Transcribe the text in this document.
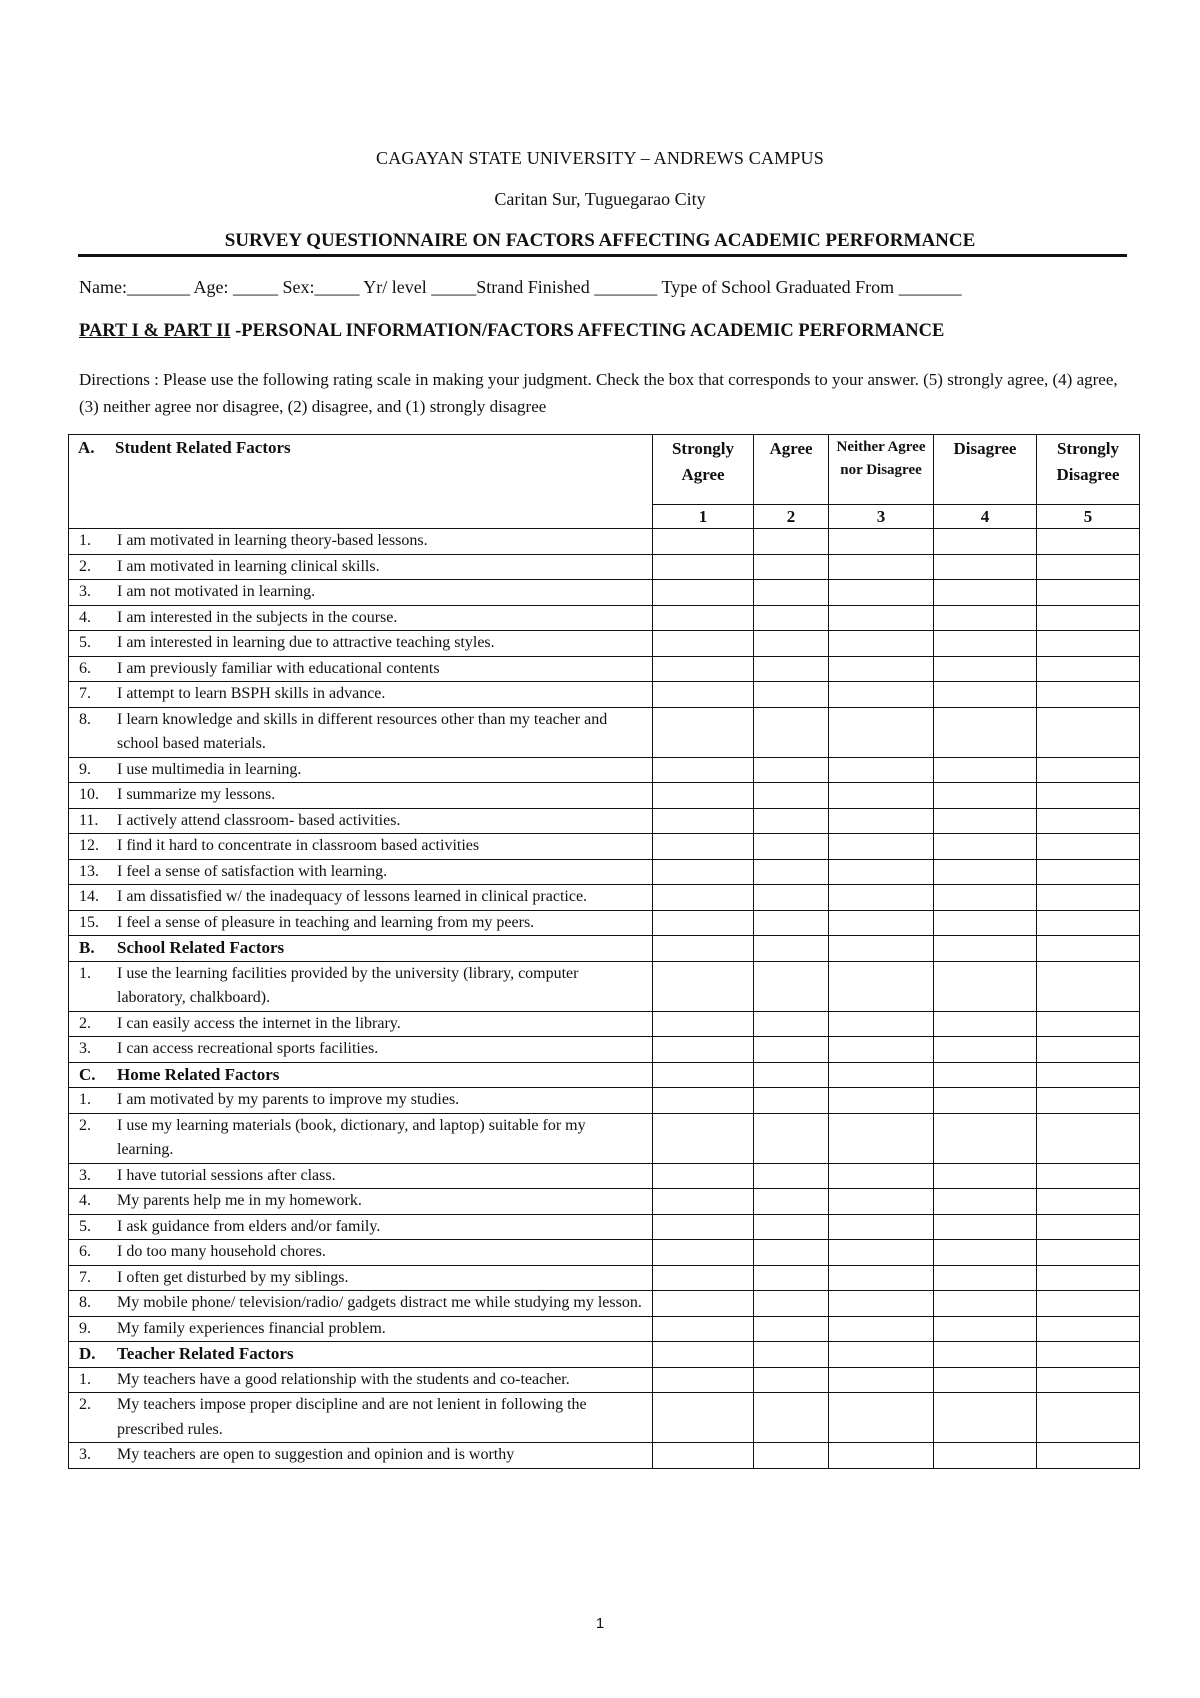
CAGAYAN STATE UNIVERSITY – ANDREWS CAMPUS
Caritan Sur, Tuguegarao City
SURVEY QUESTIONNAIRE ON FACTORS AFFECTING ACADEMIC PERFORMANCE
Name:_______ Age: _____ Sex:_____ Yr/ level _____Strand Finished _______ Type of School Graduated From _______
PART I & PART II -PERSONAL INFORMATION/FACTORS AFFECTING ACADEMIC PERFORMANCE
Directions : Please use the following rating scale in making your judgment. Check the box that corresponds to your answer. (5) strongly agree, (4) agree, (3) neither agree nor disagree, (2) disagree, and (1) strongly disagree
A. Student Related Factors	Strongly Agree	Agree	Neither Agree nor Disagree	Disagree	Strongly Disagree
	1	2	3	4	5

1. I am motivated in learning theory-based lessons.					

2. I am motivated in learning clinical skills.					

3. I am not motivated in learning.					

4. I am interested in the subjects in the course.					

5. I am interested in learning due to attractive teaching styles.					

6. I am previously familiar with educational contents					

7. I attempt to learn BSPH skills in advance.					

8. I learn knowledge and skills in different resources other than my teacher and school based materials.					

9. I use multimedia in learning.					

10. I summarize my lessons.					

11. I actively attend classroom- based activities.					

12. I find it hard to concentrate in classroom based activities					

13. I feel a sense of satisfaction with learning.					

14. I am dissatisfied w/ the inadequacy of lessons learned in clinical practice.					

15. I feel a sense of pleasure in teaching and learning from my peers.					

B. School Related Factors					

1. I use the learning facilities provided by the university (library, computer laboratory, chalkboard).					

2. I can easily access the internet in the library.					

3. I can access recreational sports facilities.					

C. Home Related Factors					

1. I am motivated by my parents to improve my studies.					

2. I use my learning materials (book, dictionary, and laptop) suitable for my learning.					

3. I have tutorial sessions after class.					

4. My parents help me in my homework.					

5. I ask guidance from elders and/or family.					

6. I do too many household chores.					

7. I often get disturbed by my siblings.					

8. My mobile phone/ television/radio/ gadgets distract me while studying my lesson.					

9. My family experiences financial problem.					

D. Teacher Related Factors					

1. My teachers have a good relationship with the students and co-teacher.					

2. My teachers impose proper discipline and are not lenient in following the prescribed rules.					

3. My teachers are open to suggestion and opinion and is worthy					

1
